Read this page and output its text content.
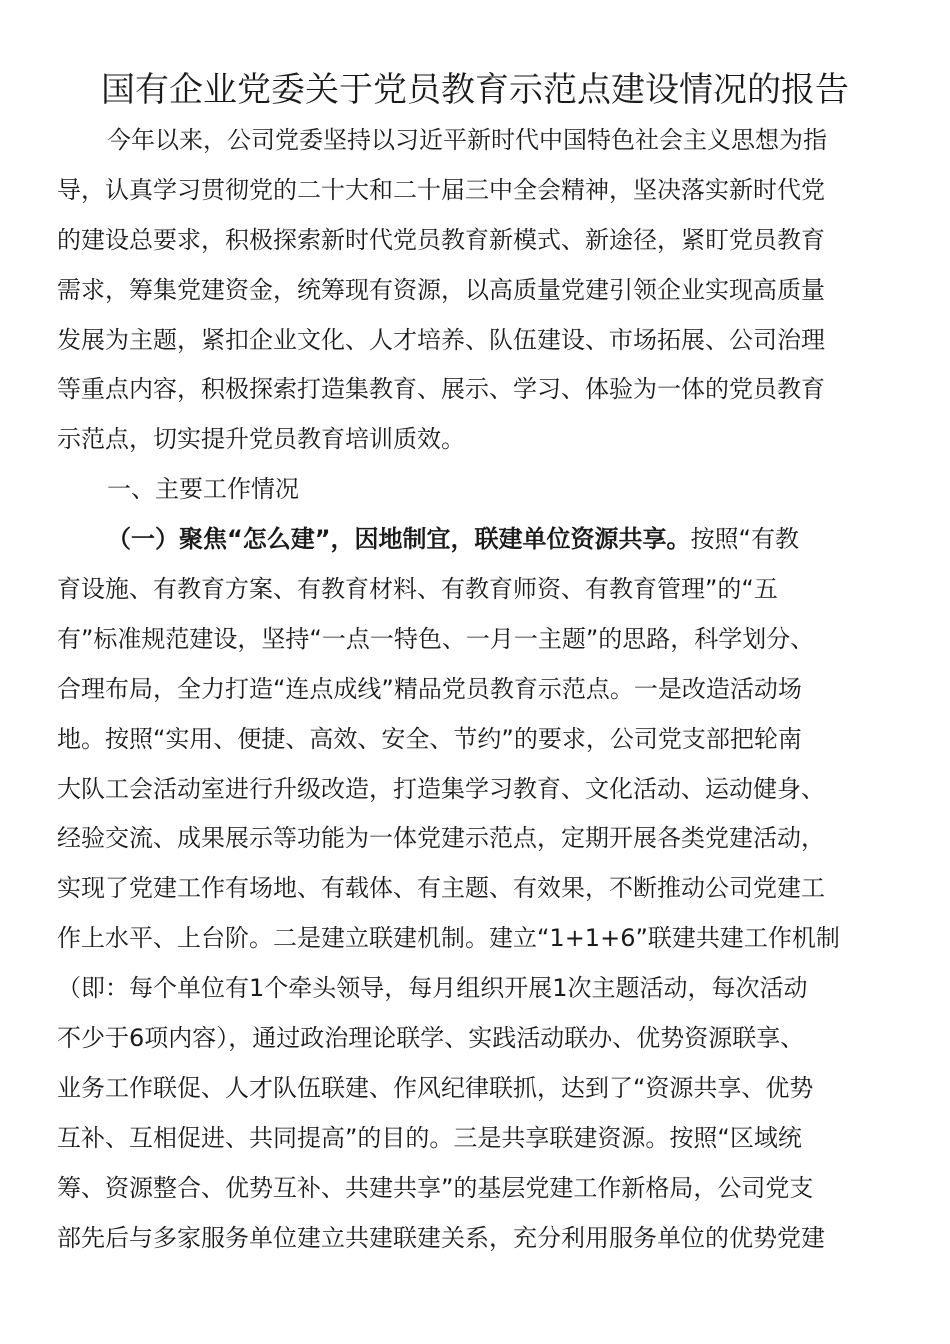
国有企业党委关于党员教育示范点建设情况的报告

今年以来，公司党委坚持以习近平新时代中国特色社会主义思想为指

导，认真学习贯彻党的二十大和二十届三中全会精神，坚决落实新时代党

的建设总要求，积极探索新时代党员教育新模式、新途径，紧盯党员教育

需求，筹集党建资金，统筹现有资源，以高质量党建引领企业实现高质量

发展为主题，紧扣企业文化、人才培养、队伍建设、市场拓展、公司治理

等重点内容，积极探索打造集教育、展示、学习、体验为一体的党员教育

示范点，切实提升党员教育培训质效。

一、主要工作情况

（一）聚焦“怎么建”，因地制宜，联建单位资源共享。按照“有教

育设施、有教育方案、有教育材料、有教育师资、有教育管理”的“五

有”标准规范建设，坚持“一点一特色、一月一主题”的思路，科学划分、

合理布局，全力打造“连点成线”精品党员教育示范点。一是改造活动场

地。按照“实用、便捷、高效、安全、节约”的要求，公司党支部把轮南

大队工会活动室进行升级改造，打造集学习教育、文化活动、运动健身、

经验交流、成果展示等功能为一体党建示范点，定期开展各类党建活动，

实现了党建工作有场地、有载体、有主题、有效果，不断推动公司党建工

作上水平、上台阶。二是建立联建机制。建立“1+1+6”联建共建工作机制

（即：每个单位有1个牵头领导，每月组织开展1次主题活动，每次活动

不少于6项内容），通过政治理论联学、实践活动联办、优势资源联享、

业务工作联促、人才队伍联建、作风纪律联抓，达到了“资源共享、优势

互补、互相促进、共同提高”的目的。三是共享联建资源。按照“区域统

筹、资源整合、优势互补、共建共享”的基层党建工作新格局，公司党支

部先后与多家服务单位建立共建联建关系，充分利用服务单位的优势党建
